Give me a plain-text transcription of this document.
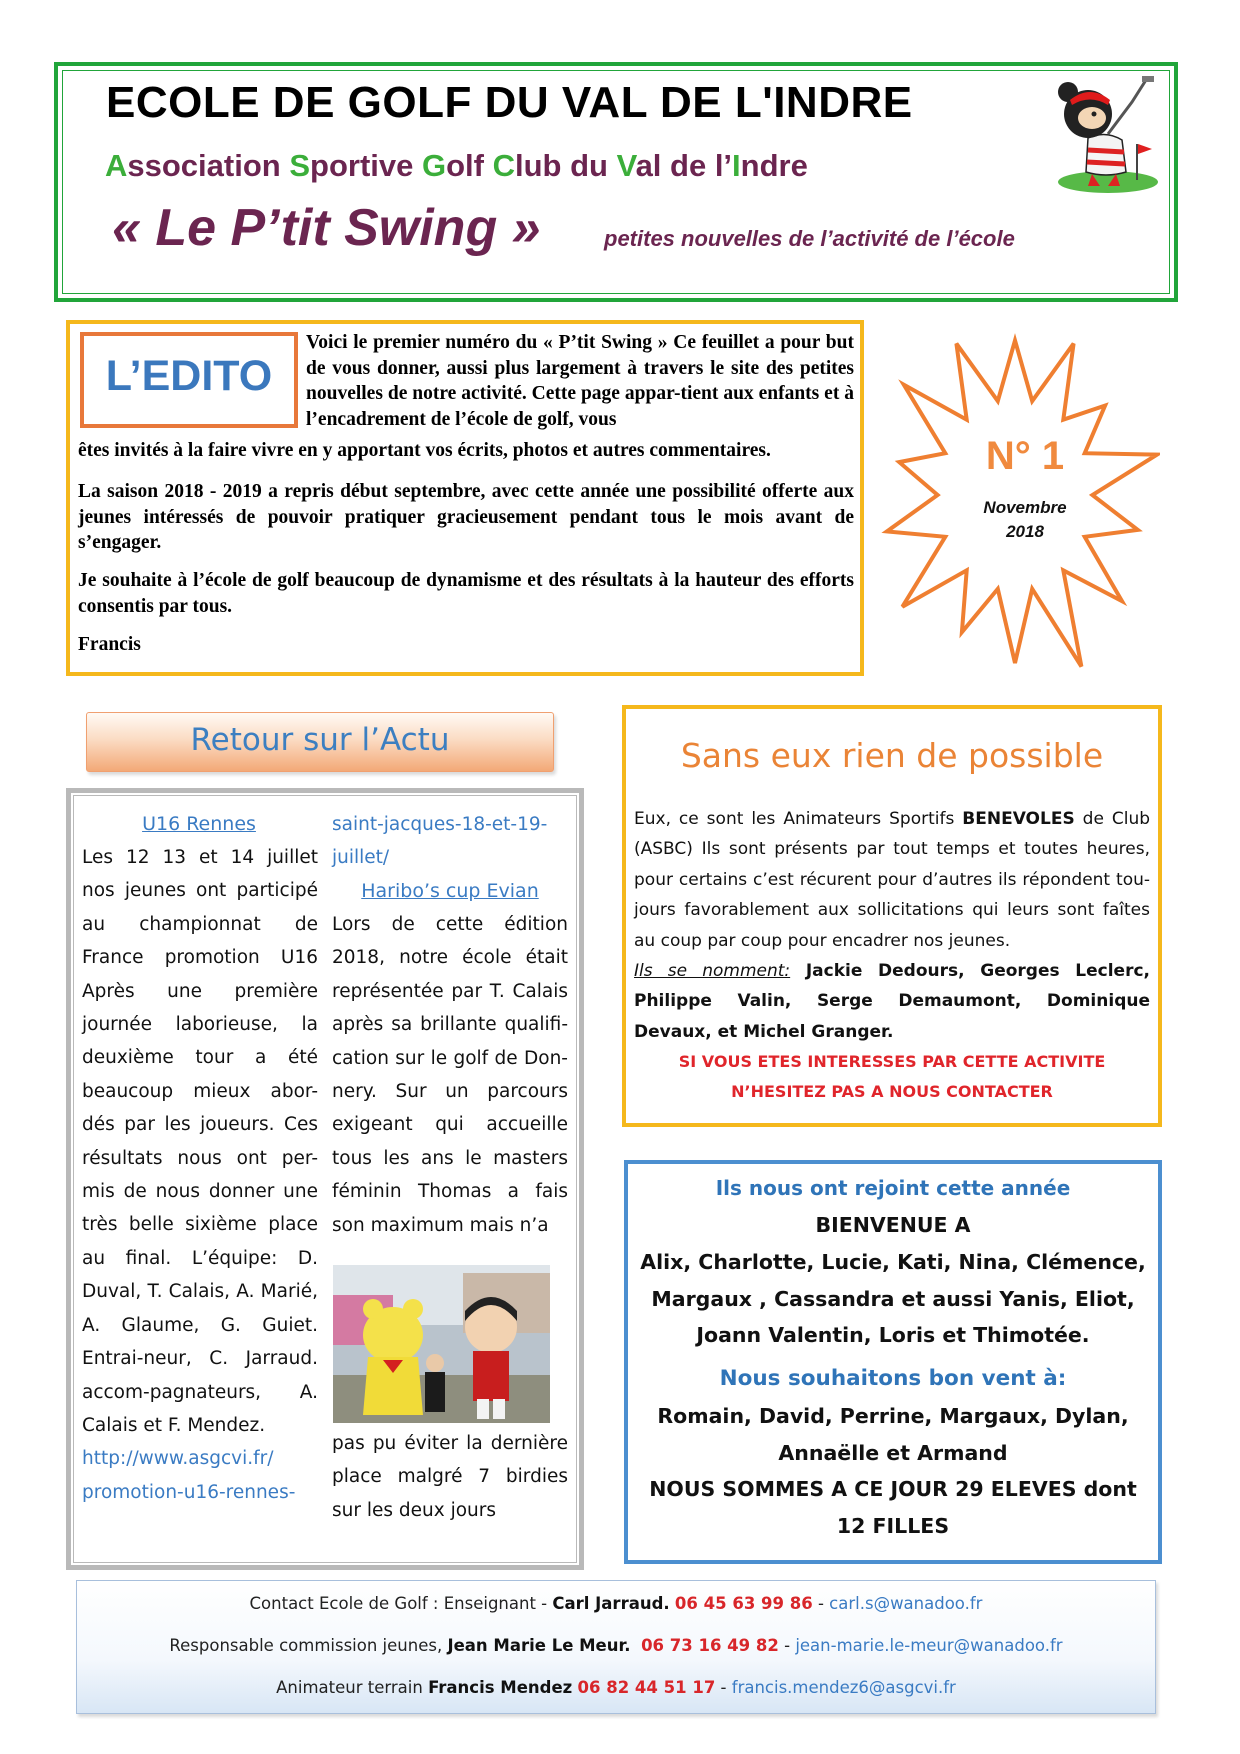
ECOLE DE GOLF DU VAL DE L'INDRE
Association Sportive Golf Club du Val de l’Indre
« Le P’tit Swing »	petites nouvelles de l’activité de l’école
L’EDITO
Voici le premier numéro du « P’tit Swing » Ce feuillet a pour but de vous donner, aussi plus largement à travers le site des petites nouvelles de notre activité. Cette page appar-tient aux enfants et à l’encadrement de l’école de golf, vous
êtes invités à la faire vivre en y apportant vos écrits, photos et autres commentaires.
La saison 2018 - 2019 a repris début septembre, avec cette année une possibilité offerte aux jeunes intéressés de pouvoir pratiquer gracieusement pendant tous le mois avant de s’engager.
Je souhaite à l’école de golf beaucoup de dynamisme et des résultats à la hauteur des efforts consentis par tous.
Francis
N° 1
Novembre
2018
Retour sur l’Actu
U16 Rennes
Les 12 13 et 14 juillet nos jeunes ont participé au championnat de France promotion U16 Après une première journée laborieuse, la deuxième tour a été beaucoup mieux abor-dés par les joueurs. Ces résultats nous ont per-mis de nous donner une très belle sixième place au final. L’équipe: D. Duval, T. Calais, A. Marié, A. Glaume, G. Guiet. Entrai-neur, C. Jarraud. accom-pagnateurs, A. Calais et F. Mendez.
http://www.asgcvi.fr/
promotion-u16-rennes-
saint-jacques-18-et-19-juillet/
Haribo’s cup Evian
Lors de cette édition 2018, notre école était représentée par T. Calais après sa brillante qualifi-cation sur le golf de Don-nery. Sur un parcours exigeant qui accueille tous les ans le masters féminin Thomas a fais son maximum mais n’a
pas pu éviter la dernière place malgré 7 birdies sur les deux jours
Sans eux rien de possible
Eux, ce sont les Animateurs Sportifs BENEVOLES de Club (ASBC) Ils sont présents par tout temps et toutes heures, pour certains c’est récurent pour d’autres ils répondent tou-jours favorablement aux sollicitations qui leurs sont faîtes au coup par coup pour encadrer nos jeunes.
Ils se nomment: Jackie Dedours, Georges Leclerc, Philippe Valin, Serge Demaumont, Dominique Devaux, et Michel Granger.
SI VOUS ETES INTERESSES PAR CETTE ACTIVITE N’HESITEZ PAS A NOUS CONTACTER
Ils nous ont rejoint cette année
BIENVENUE A
Alix, Charlotte, Lucie, Kati, Nina, Clémence, Margaux , Cassandra et aussi Yanis, Eliot, Joann Valentin, Loris et Thimotée.
Nous souhaitons bon vent à:
Romain, David, Perrine, Margaux, Dylan, Annaëlle et Armand
NOUS SOMMES A CE JOUR 29 ELEVES dont 12 FILLES
Contact Ecole de Golf : Enseignant - Carl Jarraud. 06 45 63 99 86 - carl.s@wanadoo.fr
Responsable commission jeunes, Jean Marie Le Meur. 06 73 16 49 82 - jean-marie.le-meur@wanadoo.fr
Animateur terrain Francis Mendez 06 82 44 51 17 - francis.mendez6@asgcvi.fr
